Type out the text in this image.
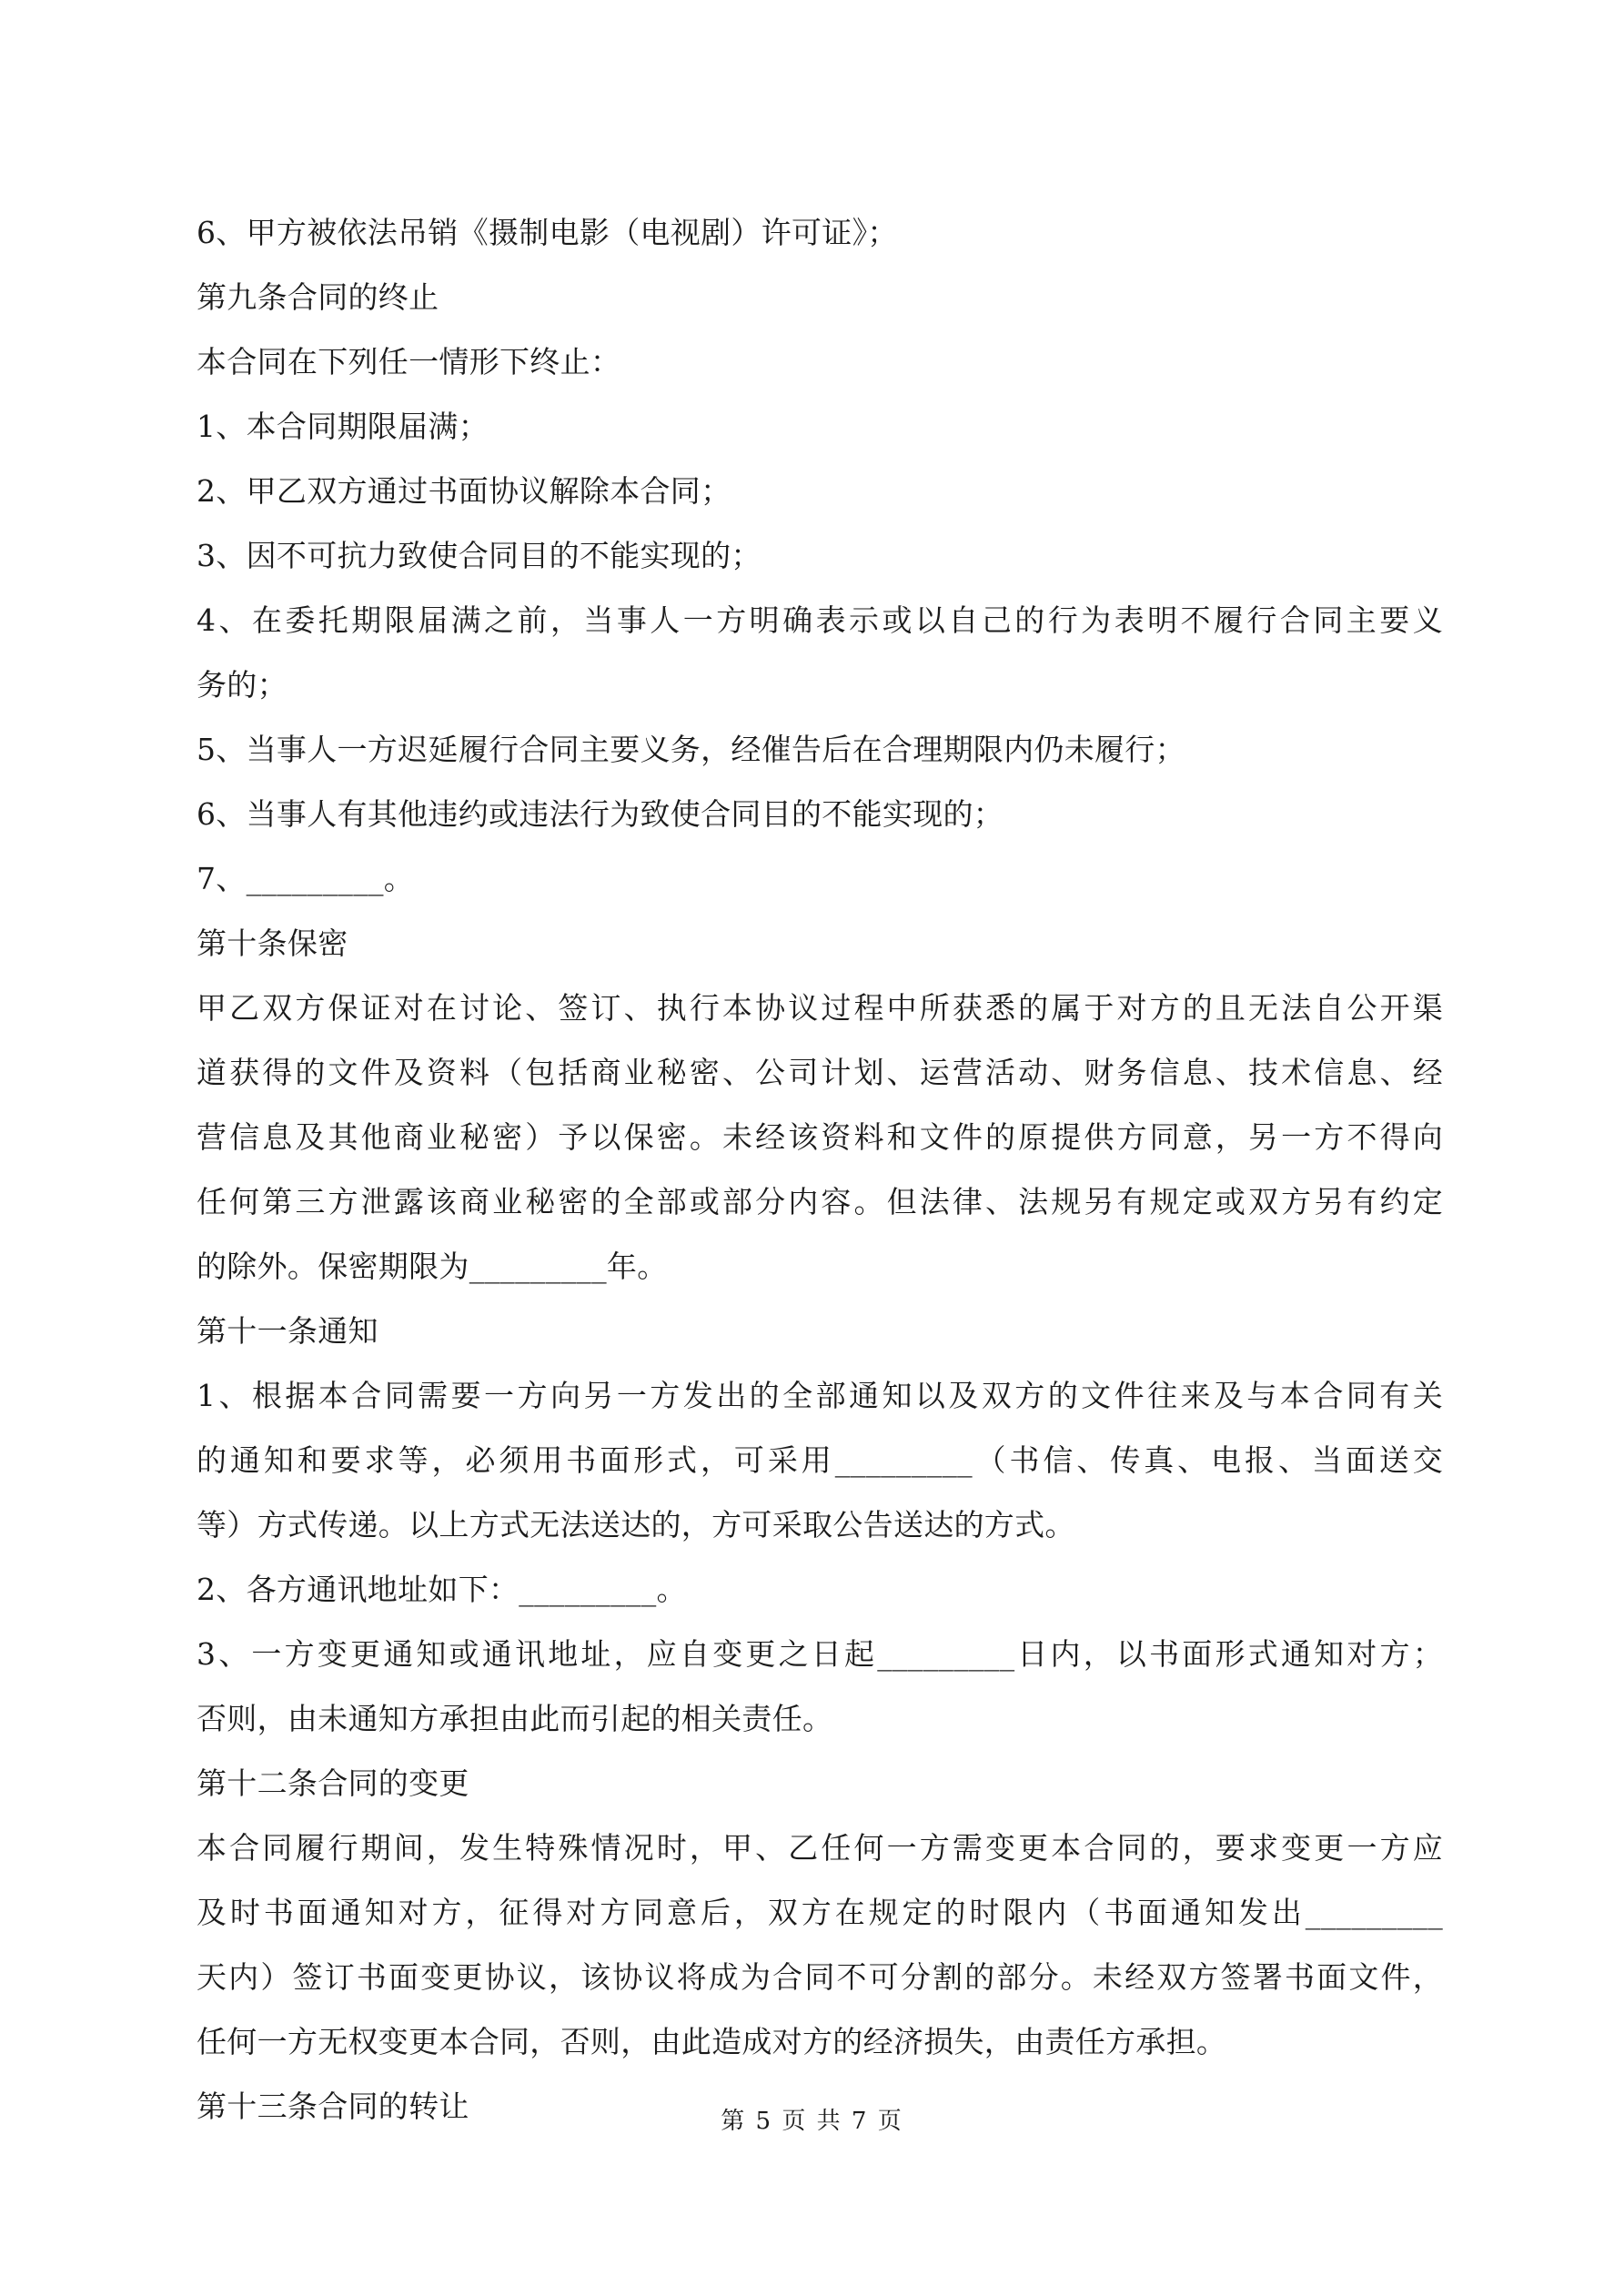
6、甲方被依法吊销《摄制电影（电视剧）许可证》；
第九条合同的终止
本合同在下列任一情形下终止：
1、本合同期限届满；
2、甲乙双方通过书面协议解除本合同；
3、因不可抗力致使合同目的不能实现的；
4、在委托期限届满之前，当事人一方明确表示或以自己的行为表明不履行合同主要义
务的；
5、当事人一方迟延履行合同主要义务，经催告后在合理期限内仍未履行；
6、当事人有其他违约或违法行为致使合同目的不能实现的；
7、_________。
第十条保密
甲乙双方保证对在讨论、签订、执行本协议过程中所获悉的属于对方的且无法自公开渠
道获得的文件及资料（包括商业秘密、公司计划、运营活动、财务信息、技术信息、经
营信息及其他商业秘密）予以保密。未经该资料和文件的原提供方同意，另一方不得向
任何第三方泄露该商业秘密的全部或部分内容。但法律、法规另有规定或双方另有约定
的除外。保密期限为_________年。
第十一条通知
1、根据本合同需要一方向另一方发出的全部通知以及双方的文件往来及与本合同有关
的通知和要求等，必须用书面形式，可采用_________（书信、传真、电报、当面送交
等）方式传递。以上方式无法送达的，方可采取公告送达的方式。
2、各方通讯地址如下：_________。
3、一方变更通知或通讯地址，应自变更之日起_________日内，以书面形式通知对方；
否则，由未通知方承担由此而引起的相关责任。
第十二条合同的变更
本合同履行期间，发生特殊情况时，甲、乙任何一方需变更本合同的，要求变更一方应
及时书面通知对方，征得对方同意后，双方在规定的时限内（书面通知发出_________
天内）签订书面变更协议，该协议将成为合同不可分割的部分。未经双方签署书面文件，
任何一方无权变更本合同，否则，由此造成对方的经济损失，由责任方承担。
第十三条合同的转让	第 5 页 共 7 页
